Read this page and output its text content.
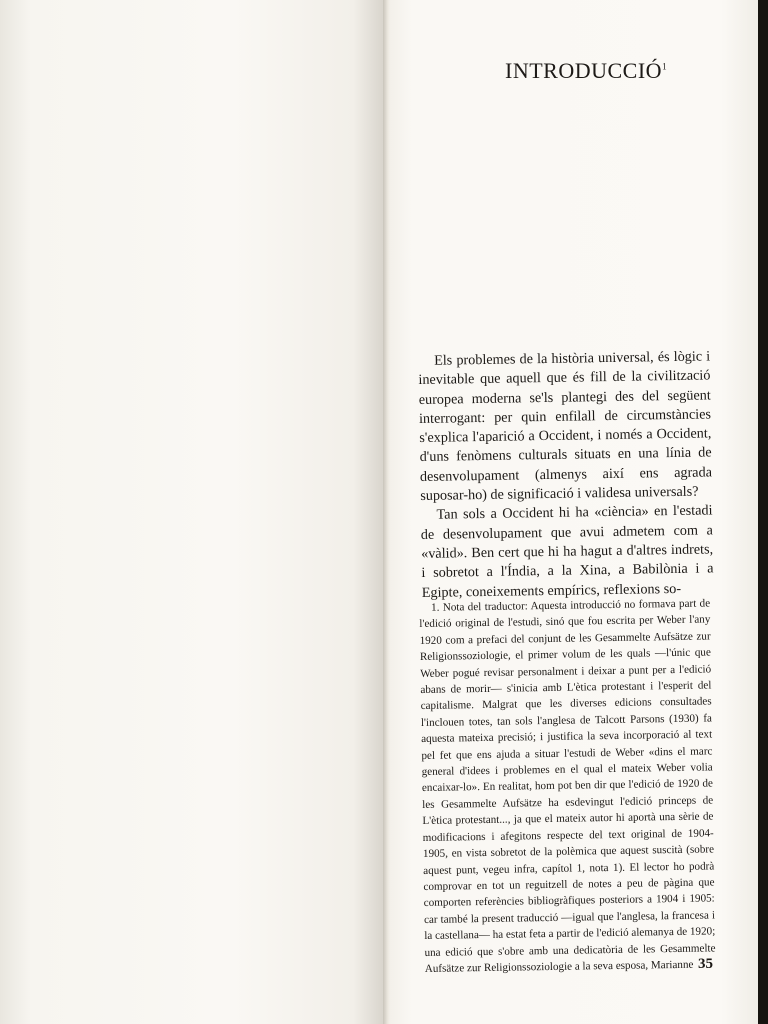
INTRODUCCIÓ$^1$

Els problemes de la història universal, és lògic i inevitable que aquell que és fill de la civilització europea moderna se'ls plantegi des del següent interrogant: per quin enfilall de circumstàncies s'explica l'aparició a Occident, i només a Occident, d'uns fenòmens culturals situats en una línia de desenvolupament (almenys així ens agrada suposar-ho) de significació i validesa universals?

Tan sols a Occident hi ha «ciència» en l'estadi de desenvolupament que avui admetem com a «vàlid». Ben cert que hi ha hagut a d'altres indrets, i sobretot a l'Índia, a la Xina, a Babilònia i a Egipte, coneixements empírics, reflexions so-

1. Nota del traductor: Aquesta introducció no formava part de l'edició original de l'estudi, sinó que fou escrita per Weber l'any 1920 com a prefaci del conjunt de les Gesammelte Aufsätze zur Religionssoziologie, el primer volum de les quals —l'únic que Weber pogué revisar personalment i deixar a punt per a l'edició abans de morir— s'inicia amb L'ètica protestant i l'esperit del capitalisme. Malgrat que les diverses edicions consultades l'inclouen totes, tan sols l'anglesa de Talcott Parsons (1930) fa aquesta mateixa precisió; i justifica la seva incorporació al text pel fet que ens ajuda a situar l'estudi de Weber «dins el marc general d'idees i problemes en el qual el mateix Weber volia encaixar-lo». En realitat, hom pot ben dir que l'edició de 1920 de les Gesammelte Aufsätze ha esdevingut l'edició princeps de L'ètica protestant..., ja que el mateix autor hi aportà una sèrie de modificacions i afegitons respecte del text original de 1904-1905, en vista sobretot de la polèmica que aquest suscità (sobre aquest punt, vegeu infra, capítol 1, nota 1). El lector ho podrà comprovar en tot un reguitzell de notes a peu de pàgina que comporten referències bibliogràfiques posteriors a 1904 i 1905: car també la present traducció —igual que l'anglesa, la francesa i la castellana— ha estat feta a partir de l'edició alemanya de 1920; una edició que s'obre amb una dedicatòria de les Gesammelte Aufsätze zur Religionssoziologie a la seva esposa, Marianne 35
